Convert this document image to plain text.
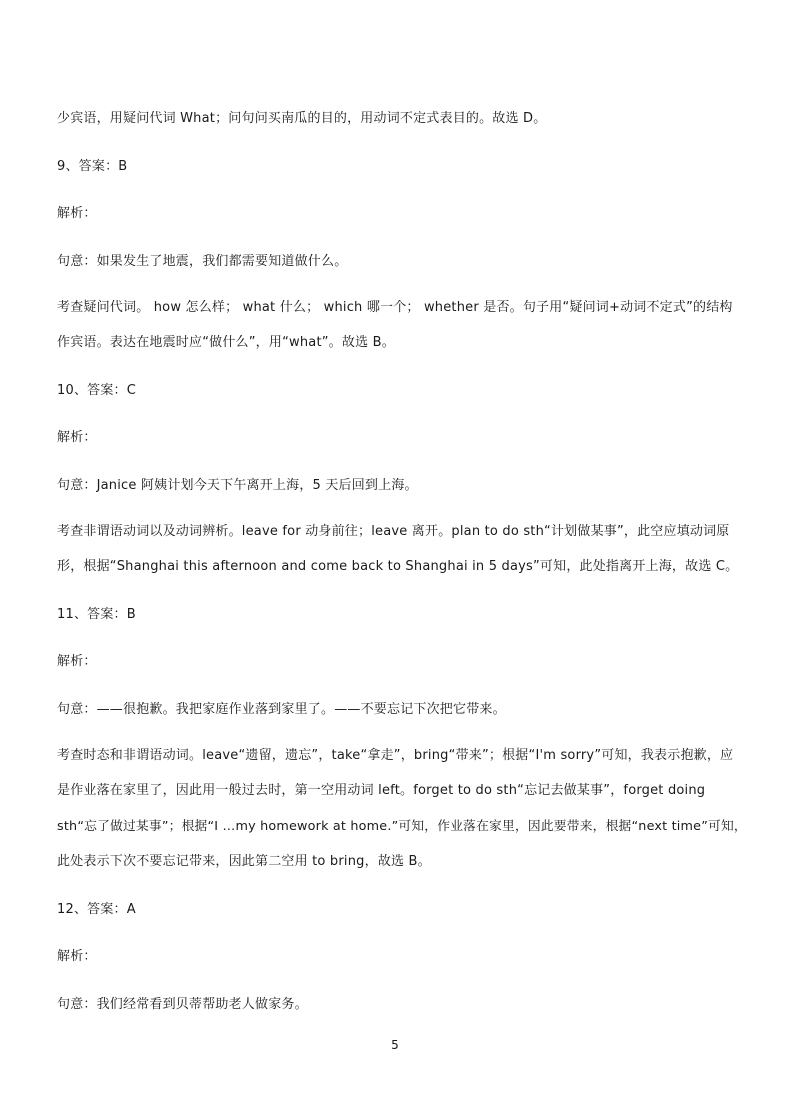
少宾语，用疑问代词 What；问句问买南瓜的目的，用动词不定式表目的。故选 D。
9、答案：B
解析：
句意：如果发生了地震，我们都需要知道做什么。
考查疑问代词。 how 怎么样； what 什么； which 哪一个； whether 是否。句子用“疑问词+动词不定式”的结构
作宾语。表达在地震时应“做什么”，用“what”。故选 B。
10、答案：C
解析：
句意：Janice 阿姨计划今天下午离开上海，5 天后回到上海。
考查非谓语动词以及动词辨析。leave for 动身前往；leave 离开。plan to do sth“计划做某事”，此空应填动词原
形，根据“Shanghai this afternoon and come back to Shanghai in 5 days”可知，此处指离开上海，故选 C。
11、答案：B
解析：
句意：——很抱歉。我把家庭作业落到家里了。——不要忘记下次把它带来。
考查时态和非谓语动词。leave“遗留，遗忘”，take“拿走”，bring“带来”；根据“I'm sorry”可知，我表示抱歉，应
是作业落在家里了，因此用一般过去时，第一空用动词 left。forget to do sth“忘记去做某事”，forget doing
sth“忘了做过某事”；根据“I …my homework at home.”可知，作业落在家里，因此要带来，根据“next time”可知，
此处表示下次不要忘记带来，因此第二空用 to bring，故选 B。
12、答案：A
解析：
句意：我们经常看到贝蒂帮助老人做家务。
5
